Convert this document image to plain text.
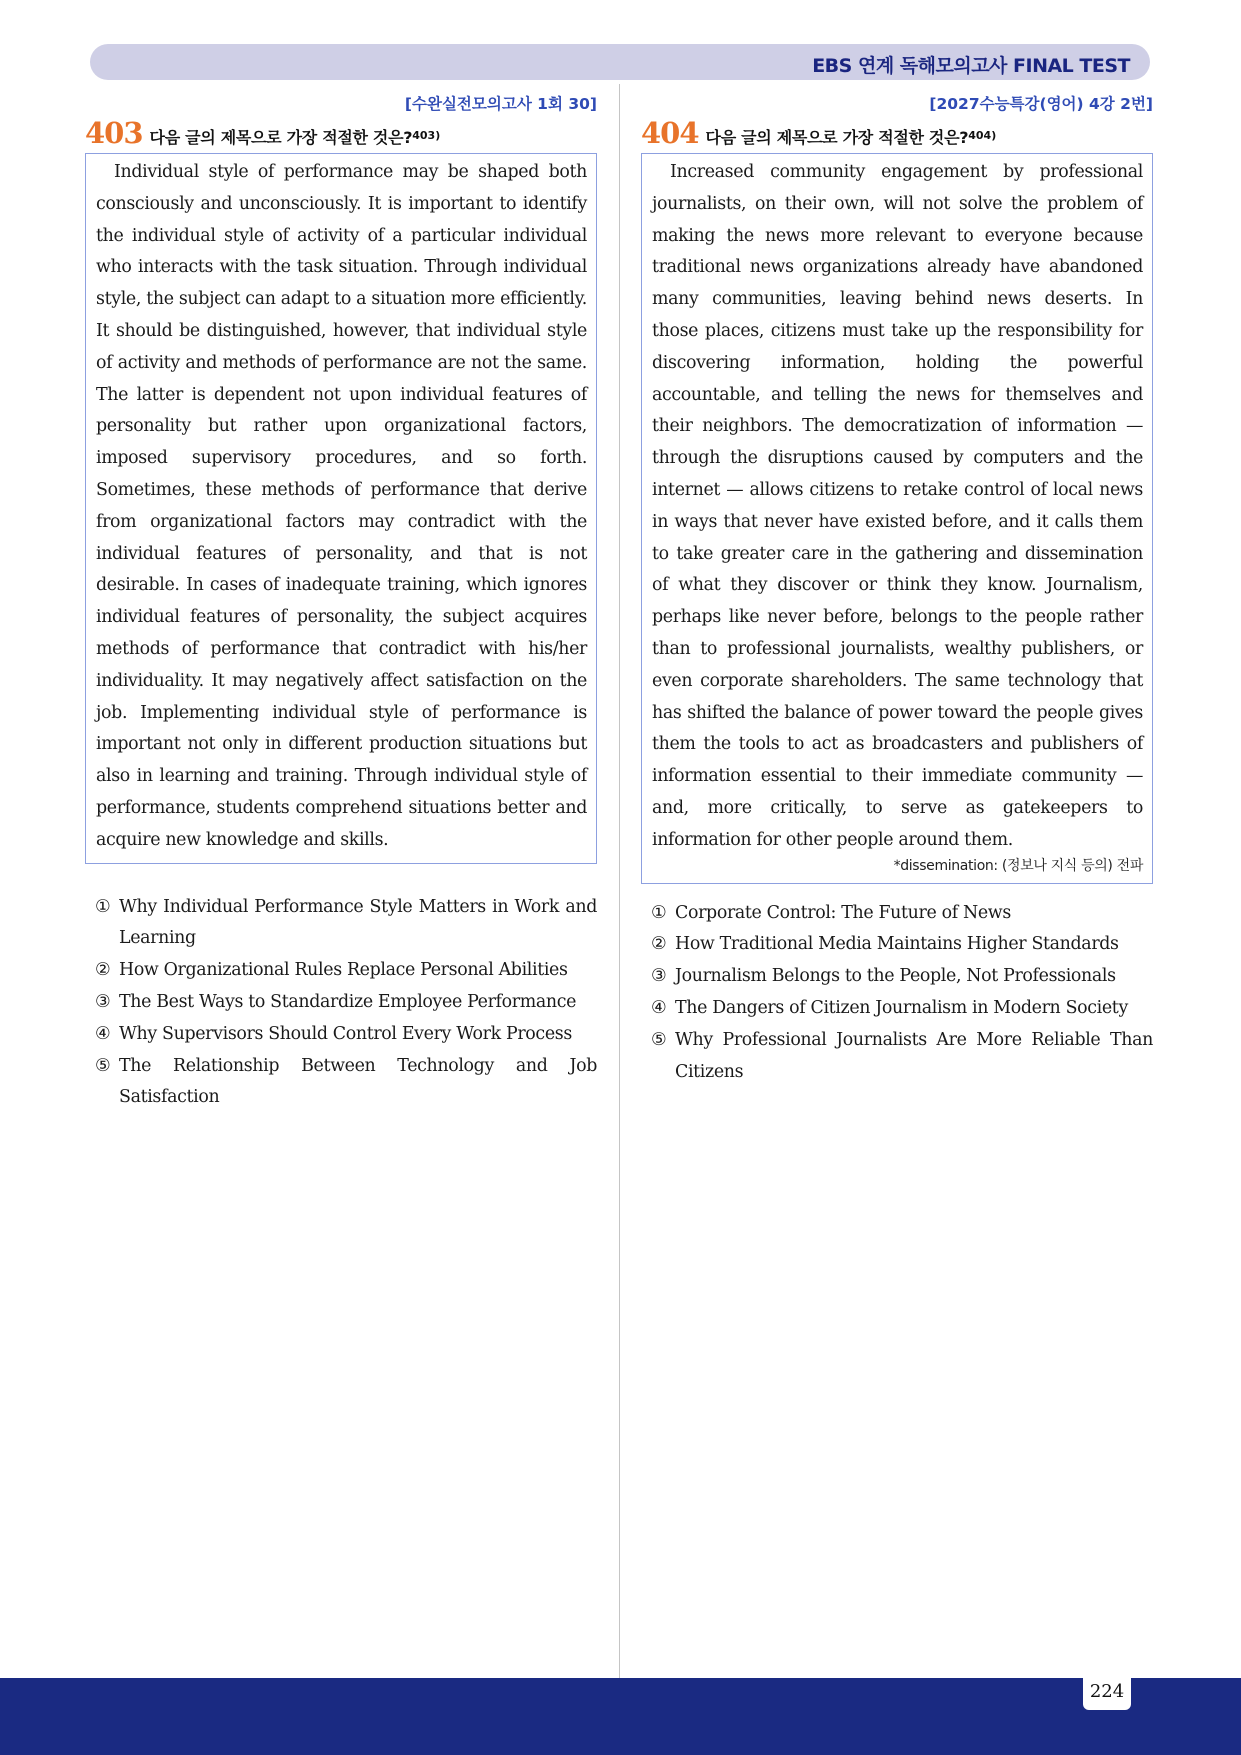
EBS 연계 독해모의고사 FINAL TEST
[수완실전모의고사 1회 30]
403 다음 글의 제목으로 가장 적절한 것은? 403)

Individual style of performance may be shaped both consciously and unconsciously. It is important to identify the individual style of activity of a particular individual who interacts with the task situation. Through individual style, the subject can adapt to a situation more efficiently. It should be distinguished, however, that individual style of activity and methods of performance are not the same. The latter is dependent not upon individual features of personality but rather upon organizational factors, imposed supervisory procedures, and so forth. Sometimes, these methods of performance that derive from organizational factors may contradict with the individual features of personality, and that is not desirable. In cases of inadequate training, which ignores individual features of personality, the subject acquires methods of performance that contradict with his/her individuality. It may negatively affect satisfaction on the job. Implementing individual style of performance is important not only in different production situations but also in learning and training. Through individual style of performance, students comprehend situations better and acquire new knowledge and skills.

① Why Individual Performance Style Matters in Work and Learning
② How Organizational Rules Replace Personal Abilities
③ The Best Ways to Standardize Employee Performance
④ Why Supervisors Should Control Every Work Process
⑤ The Relationship Between Technology and Job Satisfaction
[2027수능특강(영어) 4강 2번]
404 다음 글의 제목으로 가장 적절한 것은? 404)

Increased community engagement by professional journalists, on their own, will not solve the problem of making the news more relevant to everyone because traditional news organizations already have abandoned many communities, leaving behind news deserts. In those places, citizens must take up the responsibility for discovering information, holding the powerful accountable, and telling the news for themselves and their neighbors. The democratization of information — through the disruptions caused by computers and the internet — allows citizens to retake control of local news in ways that never have existed before, and it calls them to take greater care in the gathering and dissemination of what they discover or think they know. Journalism, perhaps like never before, belongs to the people rather than to professional journalists, wealthy publishers, or even corporate shareholders. The same technology that has shifted the balance of power toward the people gives them the tools to act as broadcasters and publishers of information essential to their immediate community — and, more critically, to serve as gatekeepers to information for other people around them.

*dissemination: (정보나 지식 등의) 전파
① Corporate Control: The Future of News
② How Traditional Media Maintains Higher Standards
③ Journalism Belongs to the People, Not Professionals
④ The Dangers of Citizen Journalism in Modern Society
⑤ Why Professional Journalists Are More Reliable Than Citizens
224
